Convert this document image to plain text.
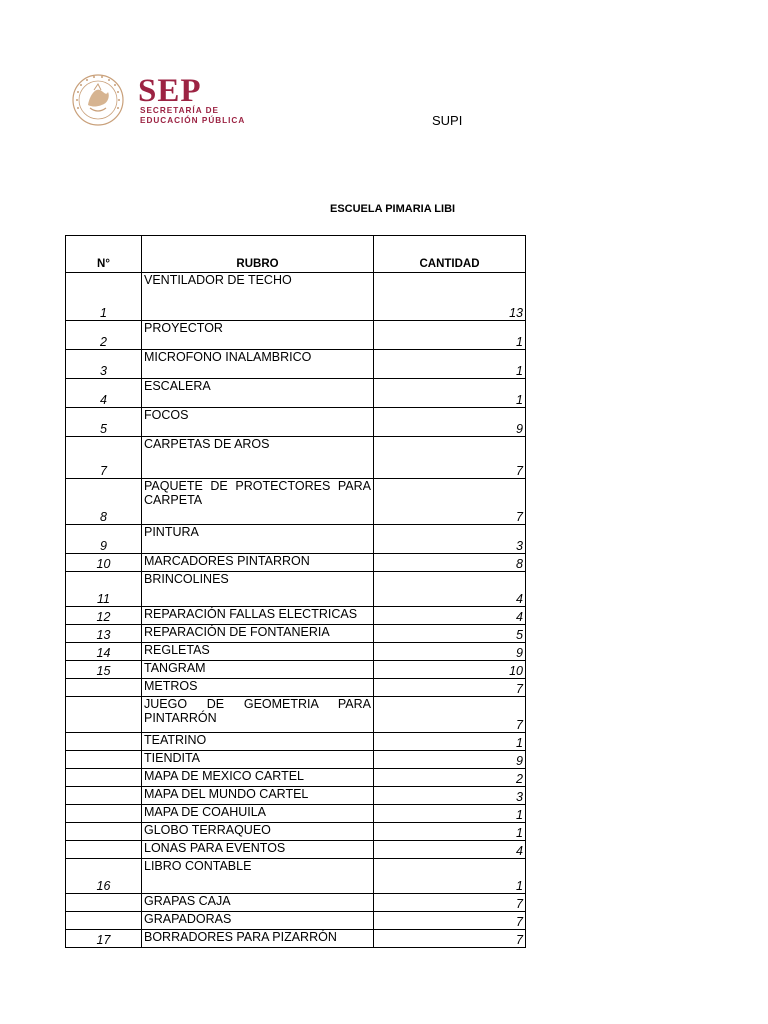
SEP
SECRETARÍA DE
EDUCACIÓN PÚBLICA	SUPI
ESCUELA PIMARIA LIBI
N°	RUBRO	CANTIDAD
1	VENTILADOR DE TECHO	13
2	PROYECTOR	1
3	MICROFONO INALAMBRICO	1
4	ESCALERA	1
5	FOCOS	9
7	CARPETAS DE AROS	7
8	PAQUETE DE PROTECTORES PARA CARPETA	7
9	PINTURA	3
10	MARCADORES PINTARRON	8
11	BRINCOLINES	4
12	REPARACIÓN FALLAS ELECTRICAS	4
13	REPARACIÓN DE FONTANERIA	5
14	REGLETAS	9
15	TANGRAM	10
	METROS	7
	JUEGO DE GEOMETRIA PARA PINTARRÓN	7
	TEATRINO	1
	TIENDITA	9
	MAPA DE MEXICO CARTEL	2
	MAPA DEL MUNDO CARTEL	3
	MAPA DE COAHUILA	1
	GLOBO TERRAQUEO	1
	LONAS PARA EVENTOS	4
16	LIBRO CONTABLE	1
	GRAPAS CAJA	7
	GRAPADORAS	7
17	BORRADORES PARA PIZARRÓN	7
